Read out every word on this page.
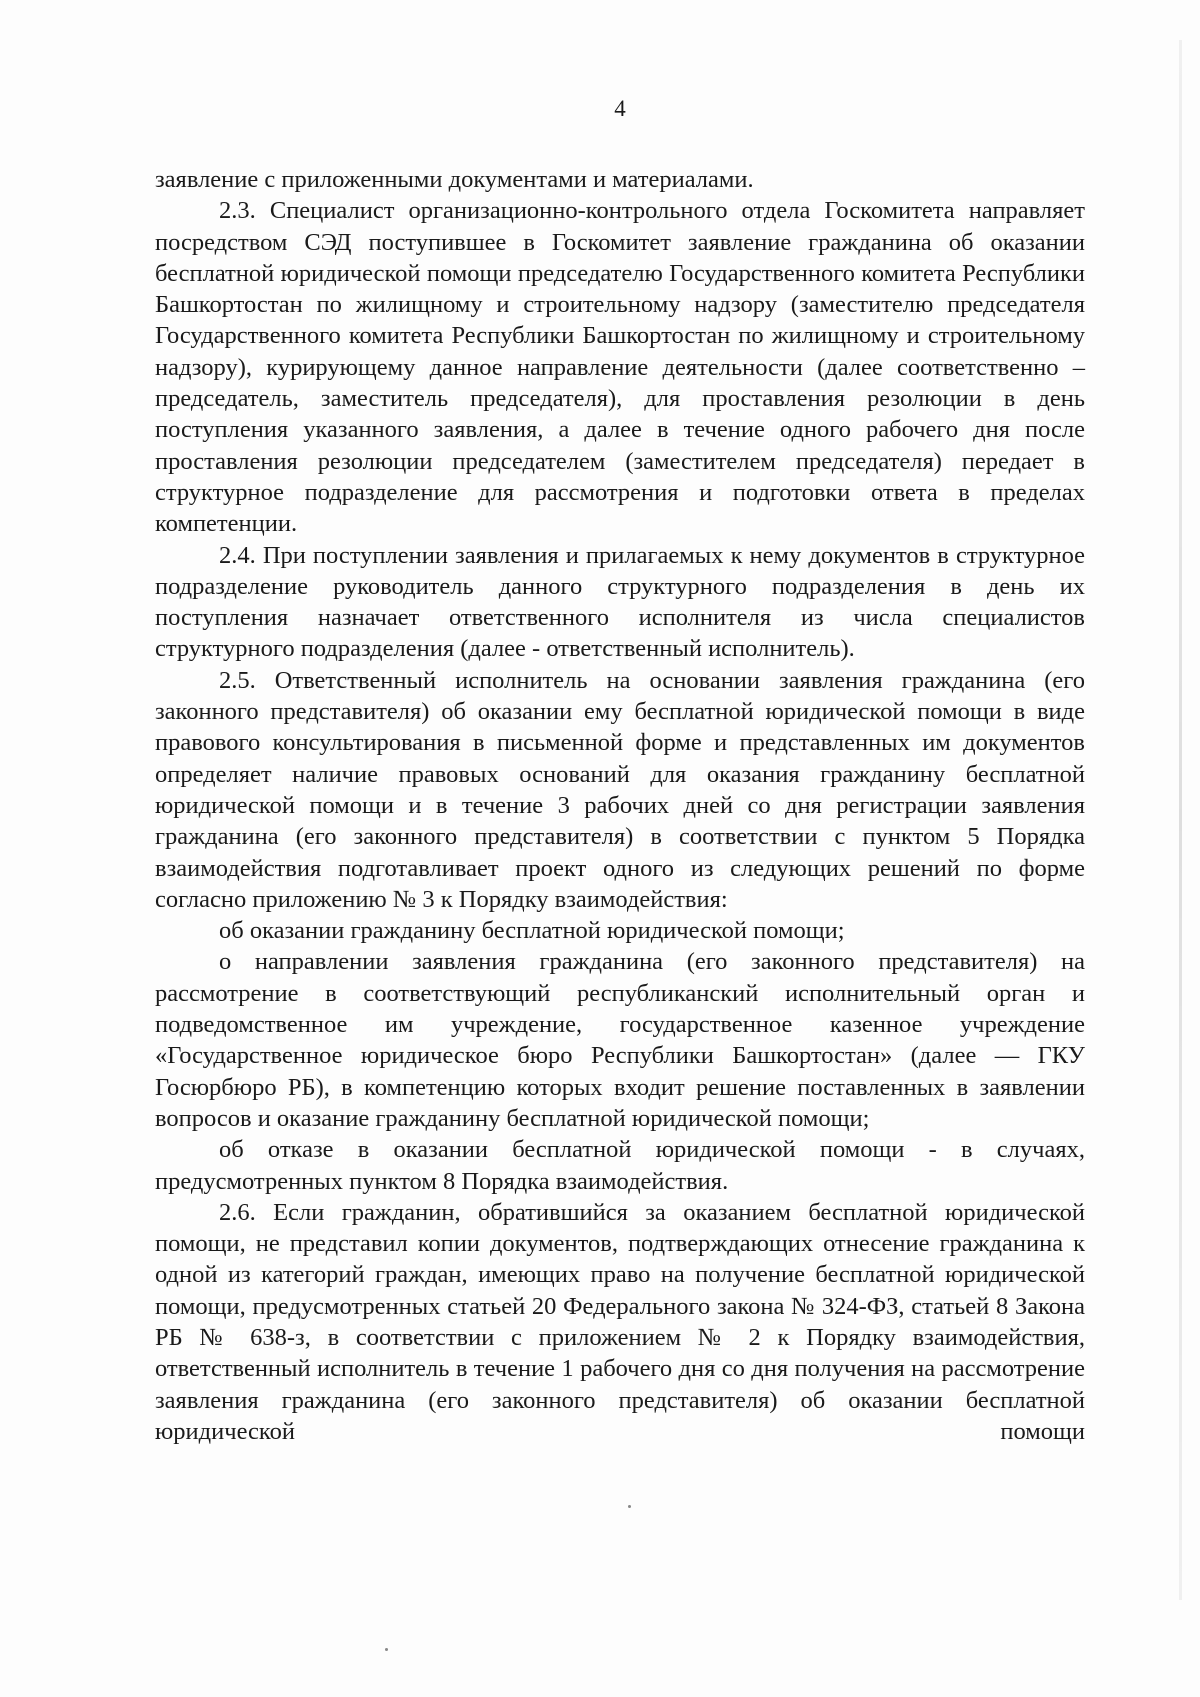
4

заявление с приложенными документами и материалами.

2.3. Специалист организационно-контрольного отдела Госкомитета направляет посредством СЭД поступившее в Госкомитет заявление гражданина об оказании бесплатной юридической помощи председателю Государственного комитета Республики Башкортостан по жилищному и строительному надзору (заместителю председателя Государственного комитета Республики Башкортостан по жилищному и строительному надзору), курирующему данное направление деятельности (далее соответственно – председатель, заместитель председателя), для проставления резолюции в день поступления указанного заявления, а далее в течение одного рабочего дня после проставления резолюции председателем (заместителем председателя) передает в структурное подразделение для рассмотрения и подготовки ответа в пределах компетенции.

2.4. При поступлении заявления и прилагаемых к нему документов в структурное подразделение руководитель данного структурного подразделения в день их поступления назначает ответственного исполнителя из числа специалистов структурного подразделения (далее - ответственный исполнитель).

2.5. Ответственный исполнитель на основании заявления гражданина (его законного представителя) об оказании ему бесплатной юридической помощи в виде правового консультирования в письменной форме и представленных им документов определяет наличие правовых оснований для оказания гражданину бесплатной юридической помощи и в течение 3 рабочих дней со дня регистрации заявления гражданина (его законного представителя) в соответствии с пунктом 5 Порядка взаимодействия подготавливает проект одного из следующих решений по форме согласно приложению № 3 к Порядку взаимодействия:

об оказании гражданину бесплатной юридической помощи;

о направлении заявления гражданина (его законного представителя) на рассмотрение в соответствующий республиканский исполнительный орган и подведомственное им учреждение, государственное казенное учреждение «Государственное юридическое бюро Республики Башкортостан» (далее — ГКУ Госюрбюро РБ), в компетенцию которых входит решение поставленных в заявлении вопросов и оказание гражданину бесплатной юридической помощи;

об отказе в оказании бесплатной юридической помощи - в случаях, предусмотренных пунктом 8 Порядка взаимодействия.

2.6. Если гражданин, обратившийся за оказанием бесплатной юридической помощи, не представил копии документов, подтверждающих отнесение гражданина к одной из категорий граждан, имеющих право на получение бесплатной юридической помощи, предусмотренных статьей 20 Федерального закона № 324-ФЗ, статьей 8 Закона РБ № 638-з, в соответствии с приложением № 2 к Порядку взаимодействия, ответственный исполнитель в течение 1 рабочего дня со дня получения на рассмотрение заявления гражданина (его законного представителя) об оказании бесплатной юридической помощи
